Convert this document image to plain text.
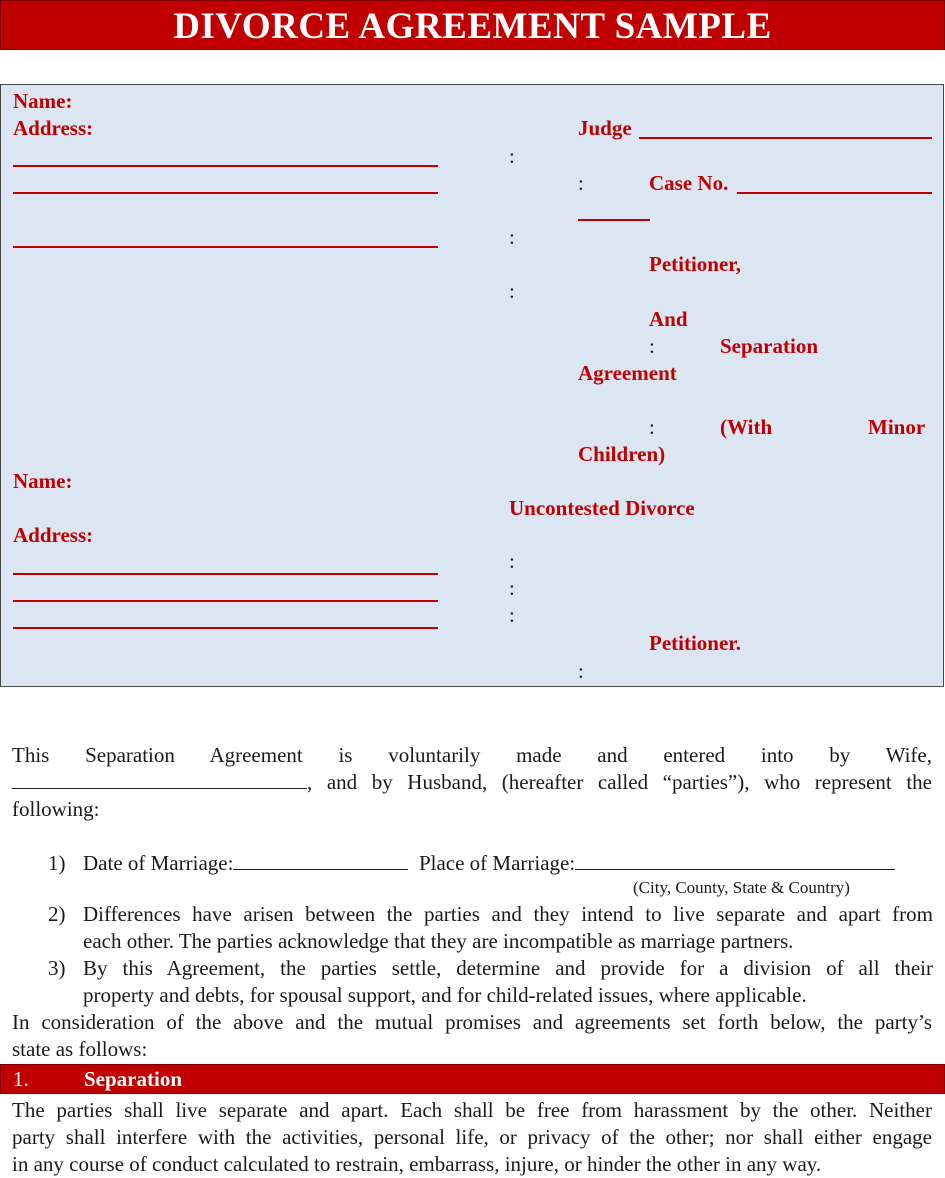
DIVORCE AGREEMENT SAMPLE
Name:
Address:
Name:
Address:
:
:
:
:
:
:
Judge
:	Case No.
Petitioner,
And
:	Separation
Agreement
:	(With	Minor
Children)
Uncontested Divorce
Petitioner.
:
This Separation Agreement is voluntarily made and entered into by Wife,
, and by Husband, (hereafter called “parties”), who represent the
following:
1) Date of Marriage:	Place of Marriage:
(City, County, State & Country)
2) Differences have arisen between the parties and they intend to live separate and apart from
each other. The parties acknowledge that they are incompatible as marriage partners.
3) By this Agreement, the parties settle, determine and provide for a division of all their
property and debts, for spousal support, and for child-related issues, where applicable.
In consideration of the above and the mutual promises and agreements set forth below, the party’s
state as follows:
1.	Separation
The parties shall live separate and apart. Each shall be free from harassment by the other. Neither
party shall interfere with the activities, personal life, or privacy of the other; nor shall either engage
in any course of conduct calculated to restrain, embarrass, injure, or hinder the other in any way.
